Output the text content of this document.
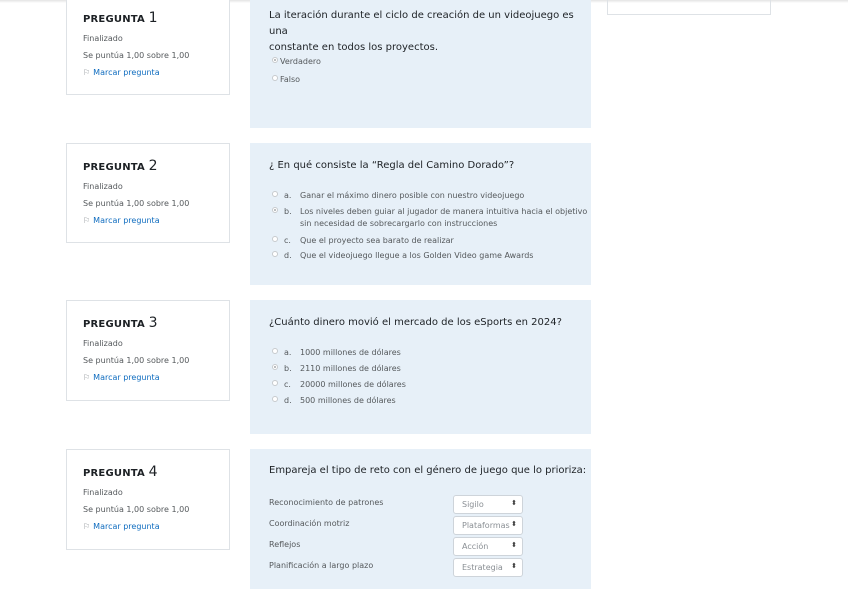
PREGUNTA 1
Finalizado
Se puntúa 1,00 sobre 1,00
⚐ Marcar pregunta
La iteración durante el ciclo de creación de un videojuego es una
constante en todos los proyectos.
Verdadero
Falso
PREGUNTA 2
Finalizado
Se puntúa 1,00 sobre 1,00
⚐ Marcar pregunta
¿ En qué consiste la “Regla del Camino Dorado”?
a. Ganar el máximo dinero posible con nuestro videojuego
b. Los niveles deben guiar al jugador de manera intuitiva hacia el objetivo
sin necesidad de sobrecargarlo con instrucciones
c. Que el proyecto sea barato de realizar
d. Que el videojuego llegue a los Golden Video game Awards
PREGUNTA 3
Finalizado
Se puntúa 1,00 sobre 1,00
⚐ Marcar pregunta
¿Cuánto dinero movió el mercado de los eSports en 2024?
a. 1000 millones de dólares
b. 2110 millones de dólares
c. 20000 millones de dólares
d. 500 millones de dólares
PREGUNTA 4
Finalizado
Se puntúa 1,00 sobre 1,00
⚐ Marcar pregunta
Empareja el tipo de reto con el género de juego que lo prioriza:
Reconocimiento de patrones	Sigilo	⬍
Coordinación motriz	Plataformas ⬍
Reflejos	Acción	⬍
Planificación a largo plazo	Estrategia ⬍
